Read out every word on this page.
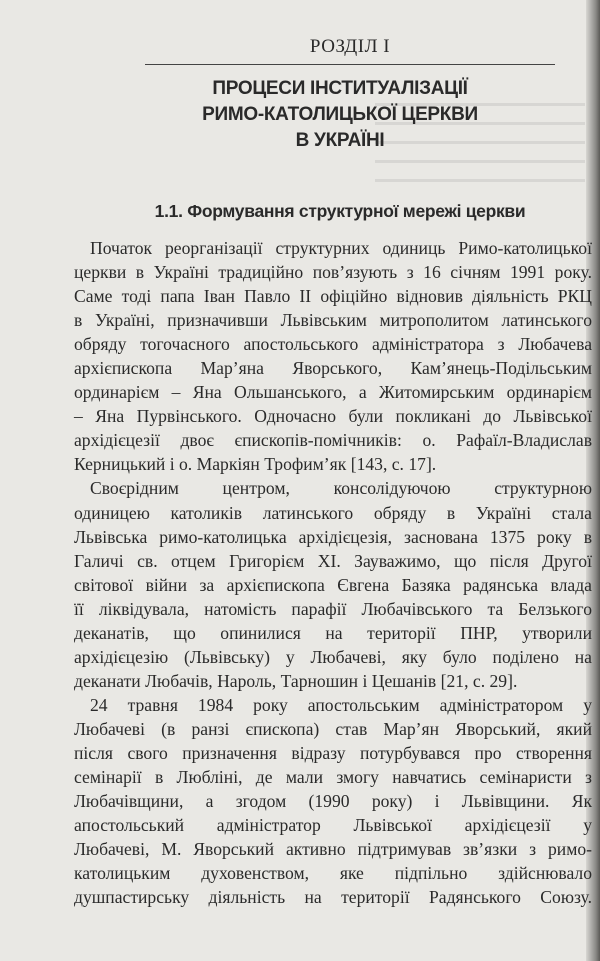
РОЗДІЛ І
ПРОЦЕСИ ІНСТИТУАЛІЗАЦІЇ
РИМО-КАТОЛИЦЬКОЇ ЦЕРКВИ
В УКРАЇНІ
1.1. Формування структурної мережі церкви
Початок реорганізації структурних одиниць Римо-католицької
церкви в Україні традиційно пов’язують з 16 січням 1991 року.
Саме тоді папа Іван Павло ІІ офіційно відновив діяльність РКЦ
в Україні, призначивши Львівським митрополитом латинського
обряду тогочасного апостольського адміністратора з Любачева
архієпископа Мар’яна Яворського, Кам’янець-Подільським
ординарієм – Яна Ольшанського, а Житомирським ординарієм
– Яна Пурвінського. Одночасно були покликані до Львівської
архідієцезії двоє єпископів-помічників: о. Рафаїл-Владислав
Керницький і о. Маркіян Трофим’як [143, с. 17].
Своєрідним центром, консолідуючою структурною
одиницею католиків латинського обряду в Україні стала
Львівська римо-католицька архідієцезія, заснована 1375 року в
Галичі св. отцем Григорієм ХІ. Зауважимо, що після Другої
світової війни за архієпископа Євгена Базяка радянська влада
її ліквідувала, натомість парафії Любачівського та Белзького
деканатів, що опинилися на території ПНР, утворили
архідієцезію (Львівську) у Любачеві, яку було поділено на
деканати Любачів, Нароль, Тарношин і Цешанів [21, с. 29].
24 травня 1984 року апостольським адміністратором у
Любачеві (в ранзі єпископа) став Мар’ян Яворський, який
після свого призначення відразу потурбувався про створення
семінарії в Любліні, де мали змогу навчатись семінаристи з
Любачівщини, а згодом (1990 року) і Львівщини. Як
апостольський адміністратор Львівської архідієцезії у
Любачеві, М. Яворський активно підтримував зв’язки з римо-
католицьким духовенством, яке підпільно здійснювало
душпастирську діяльність на території Радянського Союзу.
